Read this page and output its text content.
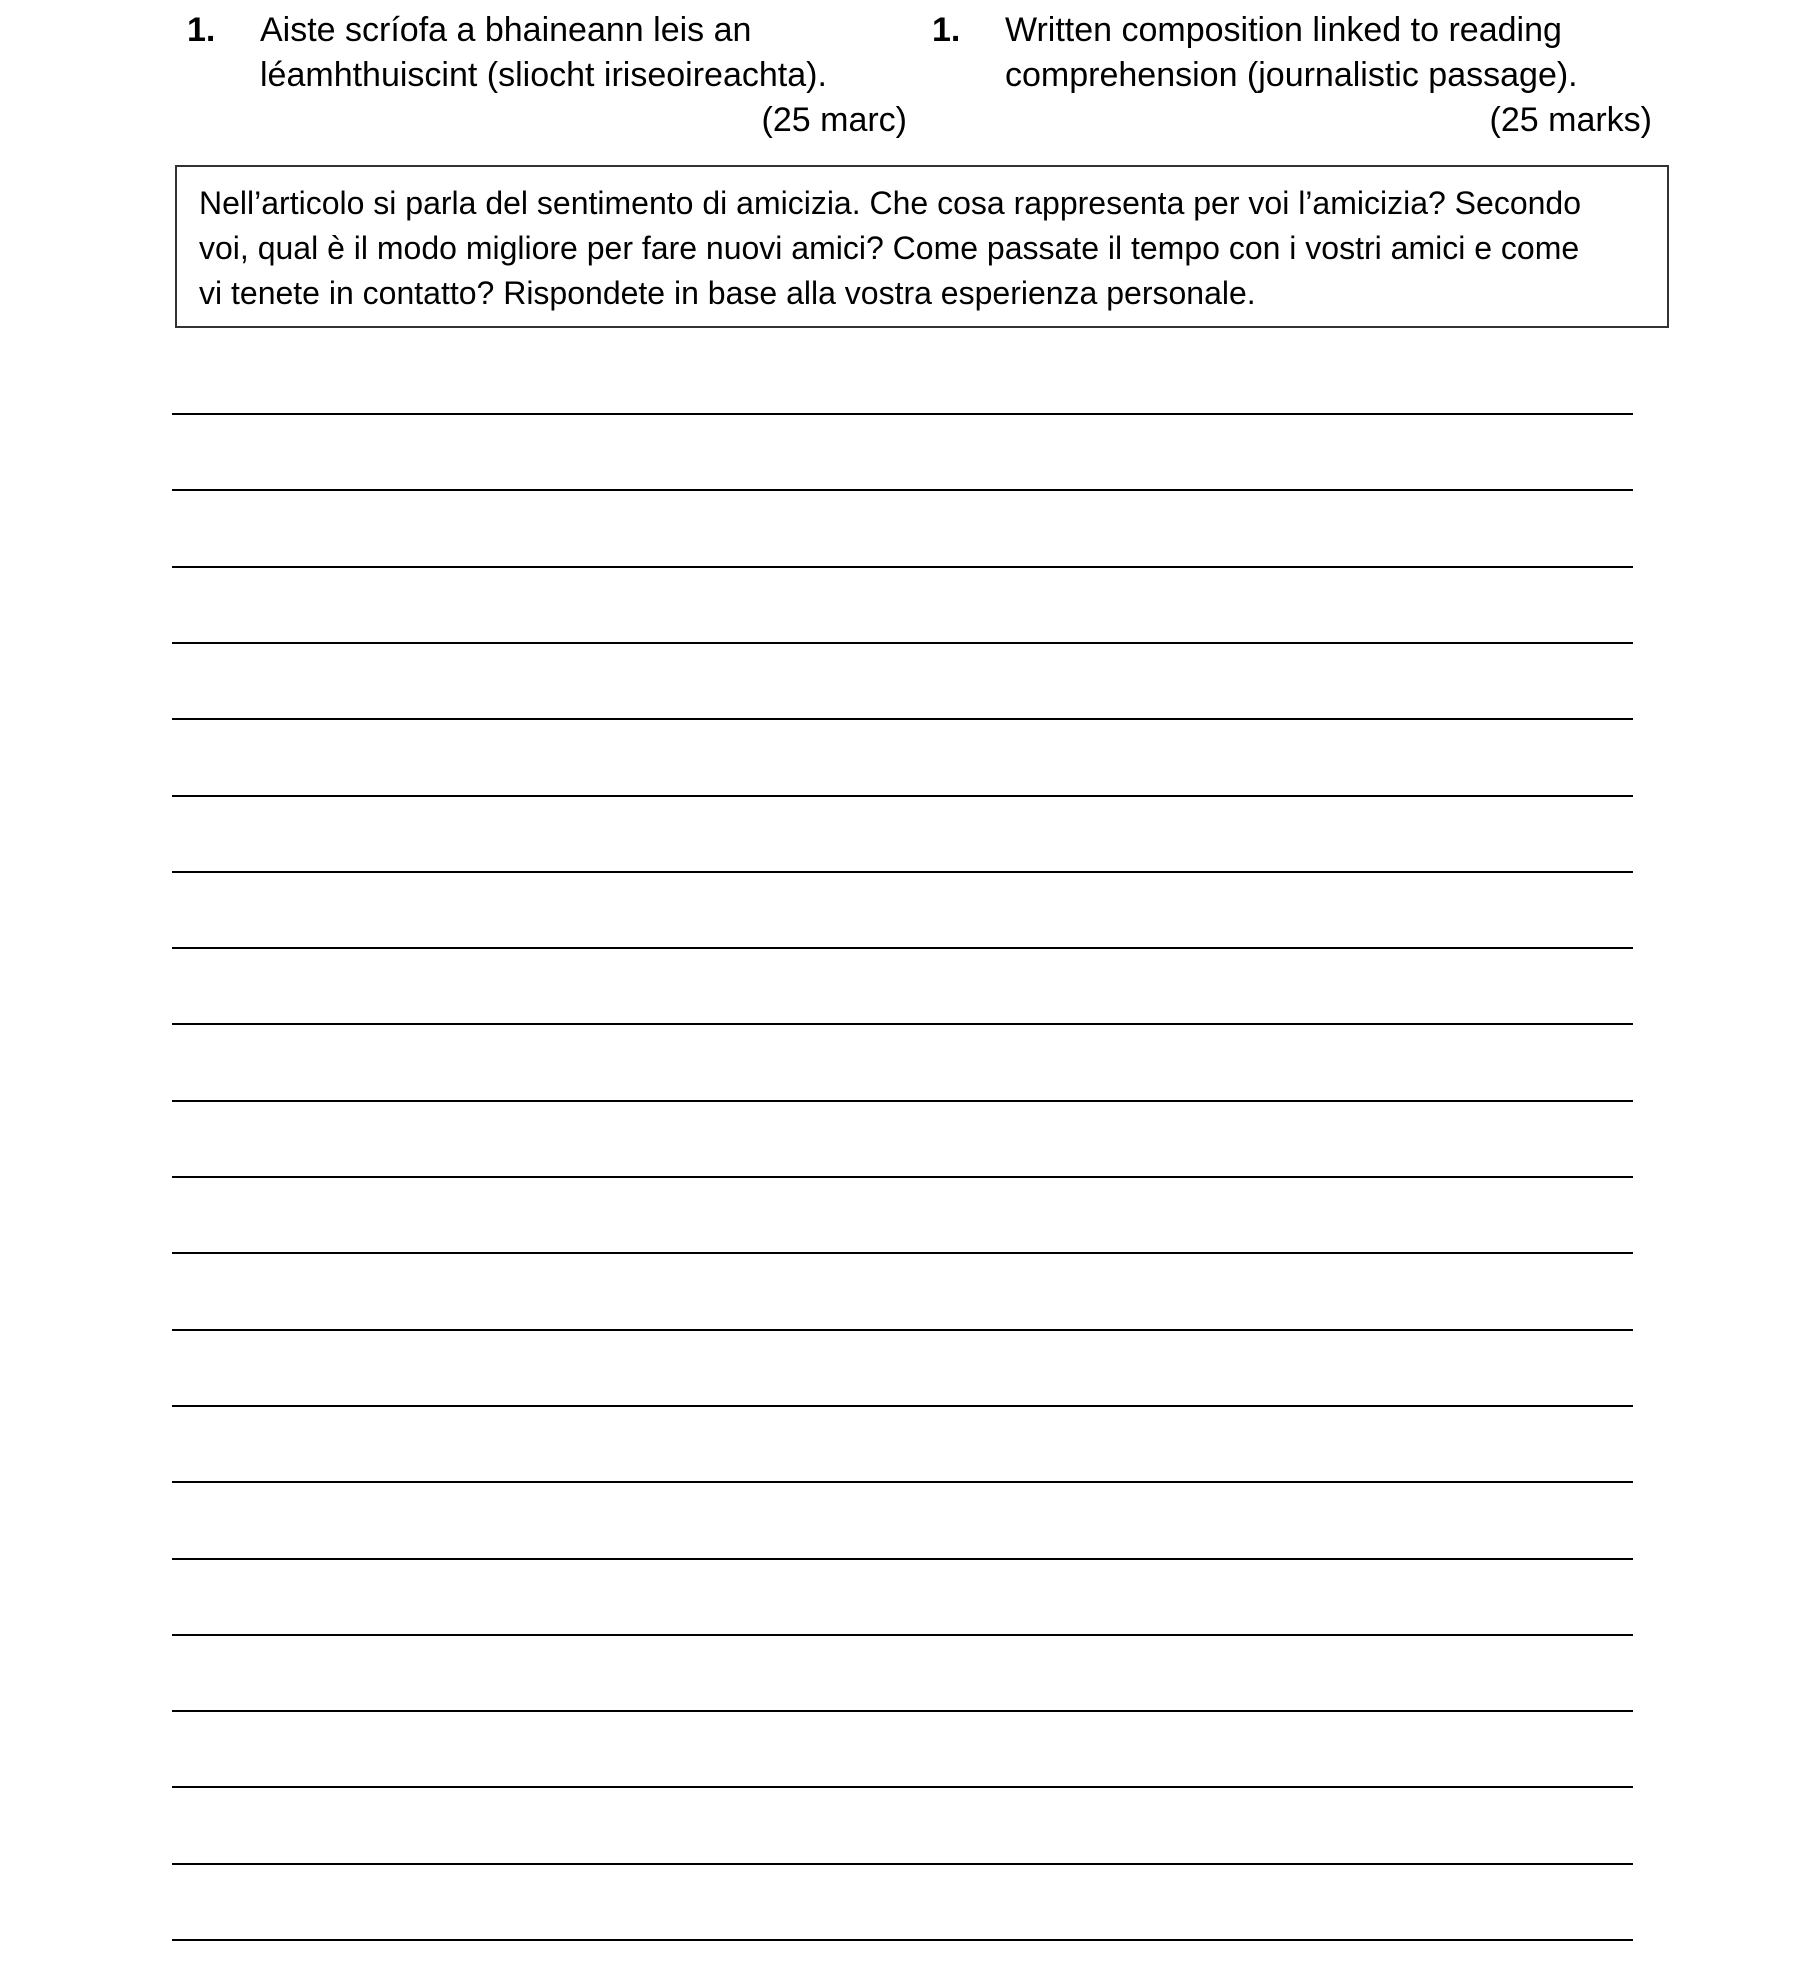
1.	Aiste scríofa a bhaineann leis an
léamhthuiscint (sliocht iriseoireachta).
(25 marc)
1.	Written composition linked to reading
comprehension (journalistic passage).
(25 marks)
Nell’articolo si parla del sentimento di amicizia. Che cosa rappresenta per voi l’amicizia? Secondo
voi, qual è il modo migliore per fare nuovi amici? Come passate il tempo con i vostri amici e come
vi tenete in contatto? Rispondete in base alla vostra esperienza personale.
